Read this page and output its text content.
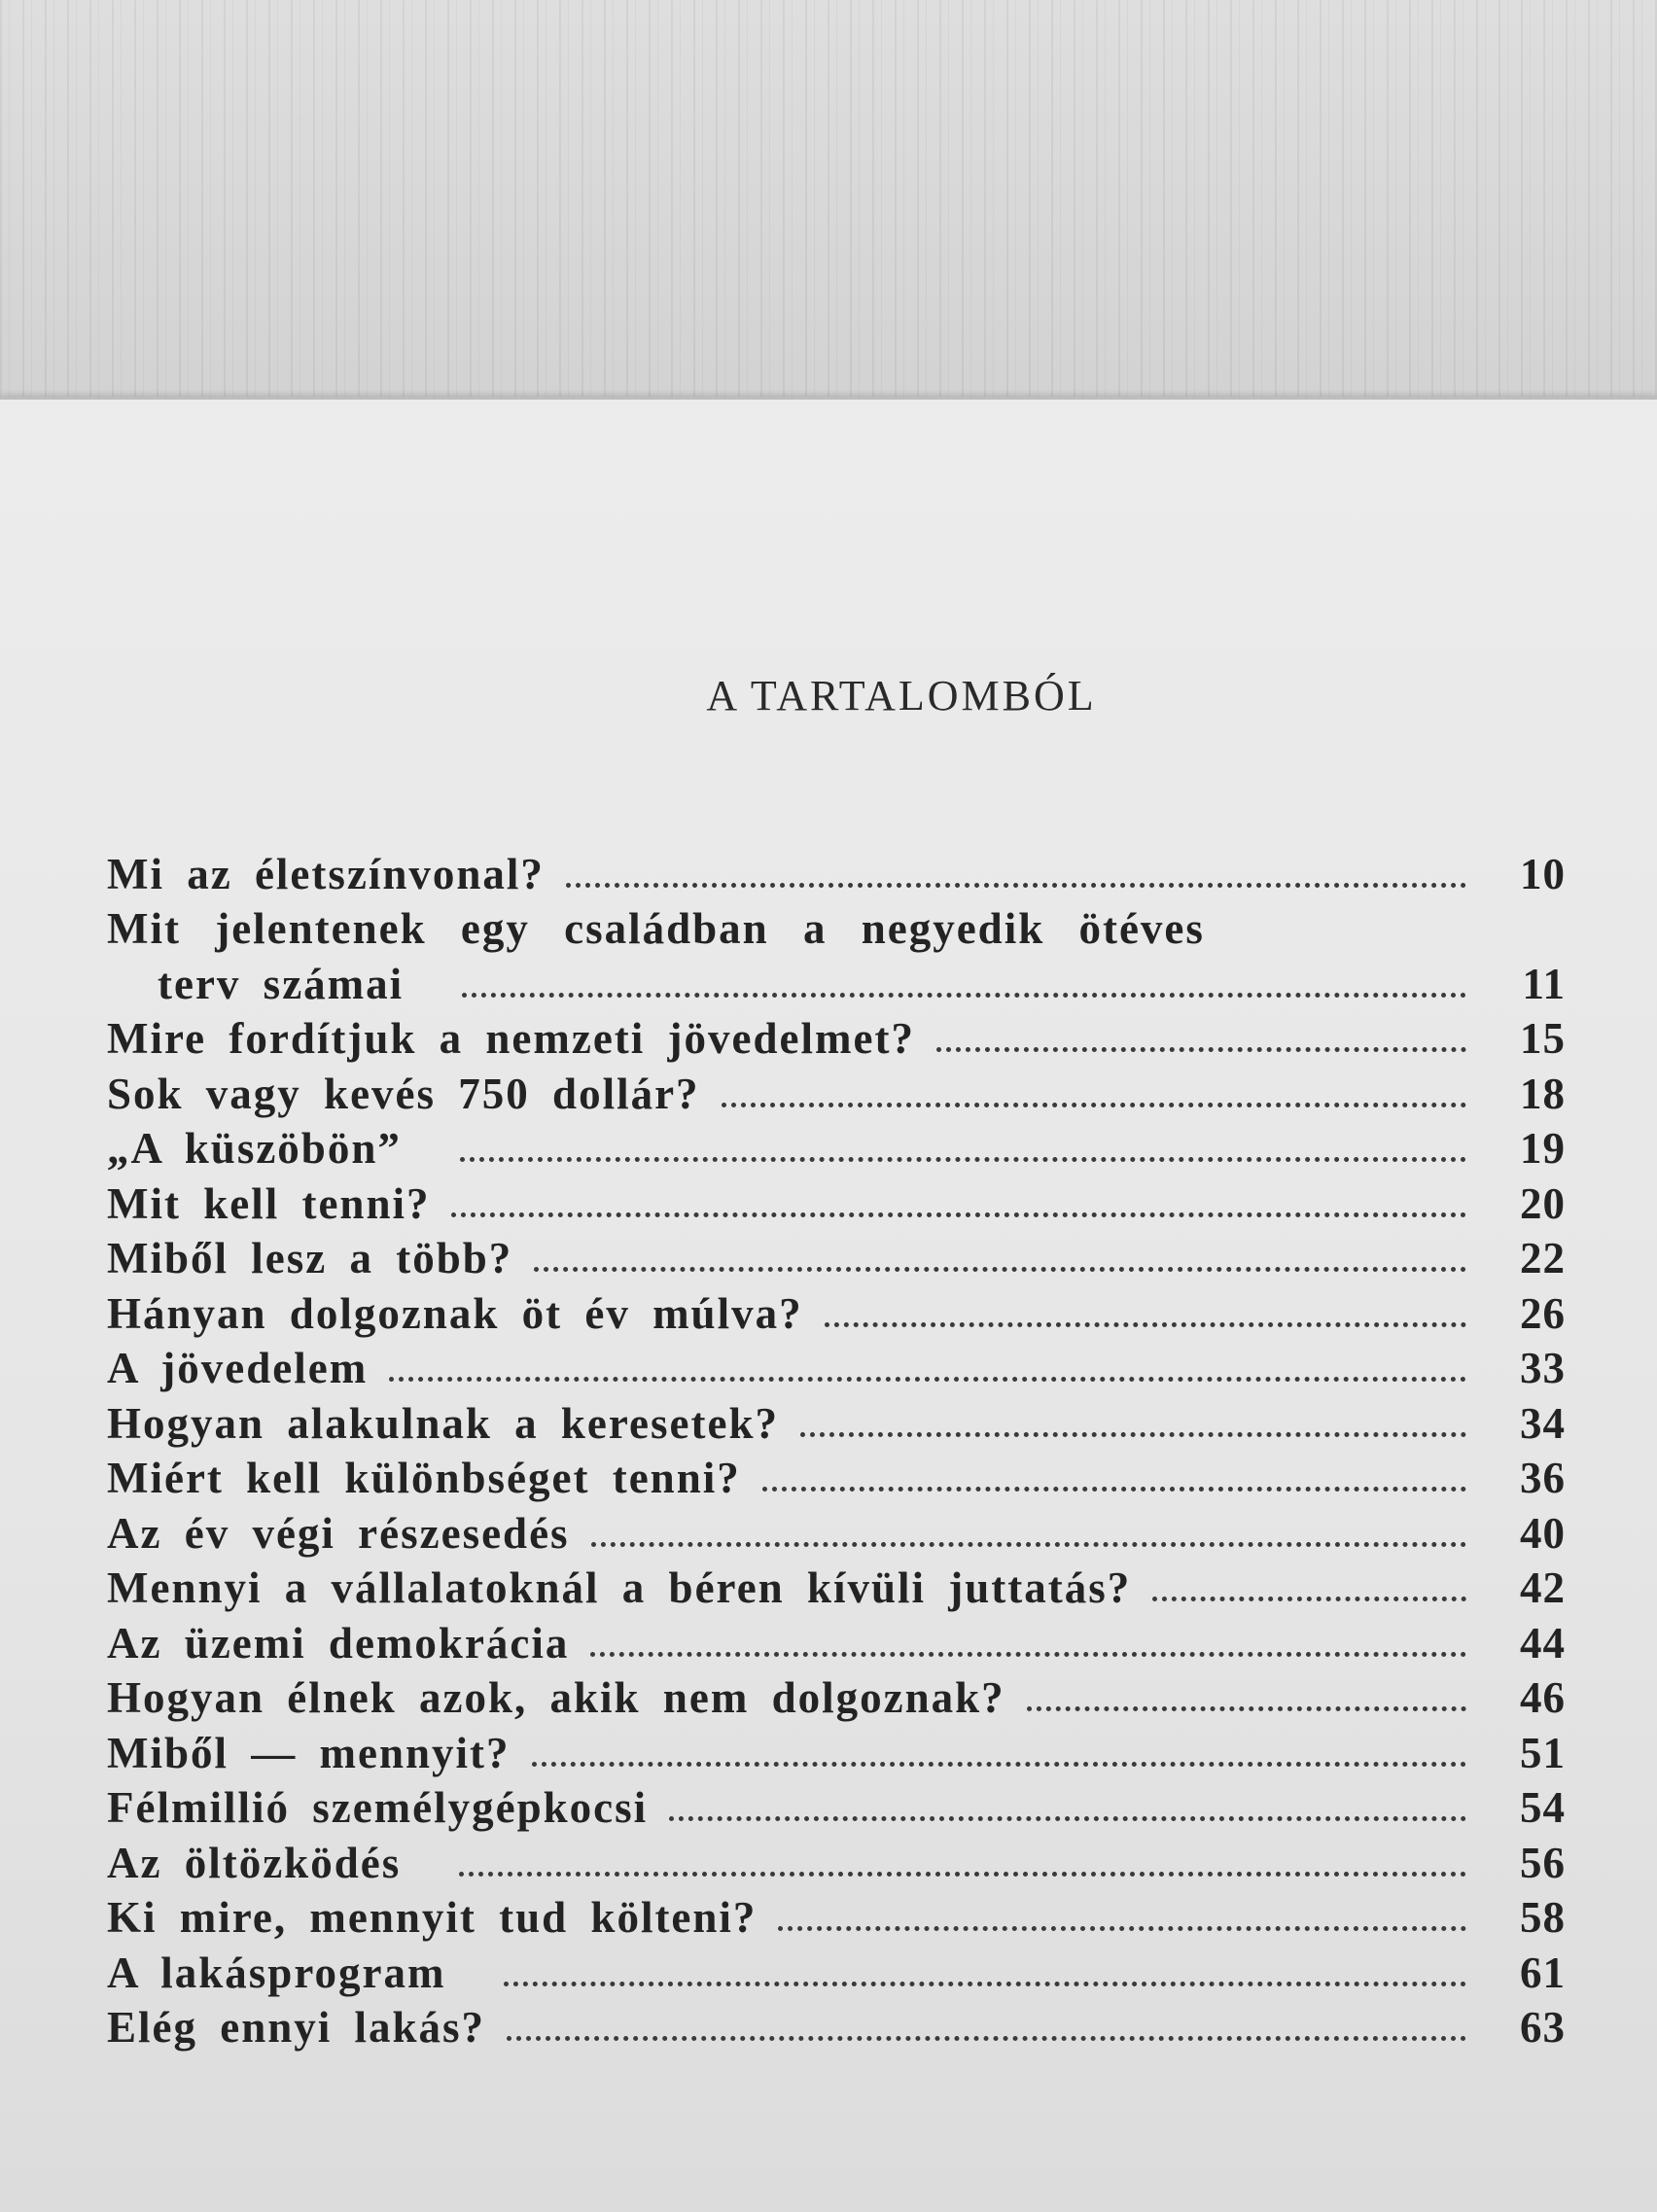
A TARTALOMBÓL
Mi az életszínvonal?	10
Mit jelentenek egy családban a negyedik ötéves
terv számai	11
Mire fordítjuk a nemzeti jövedelmet?	15
Sok vagy kevés 750 dollár?	18
„A küszöbön”	19
Mit kell tenni?	20
Miből lesz a több?	22
Hányan dolgoznak öt év múlva?	26
A jövedelem	33
Hogyan alakulnak a keresetek?	34
Miért kell különbséget tenni?	36
Az év végi részesedés	40
Mennyi a vállalatoknál a béren kívüli juttatás?	42
Az üzemi demokrácia	44
Hogyan élnek azok, akik nem dolgoznak?	46
Miből — mennyit?	51
Félmillió személygépkocsi	54
Az öltözködés	56
Ki mire, mennyit tud költeni?	58
A lakásprogram	61
Elég ennyi lakás?	63
